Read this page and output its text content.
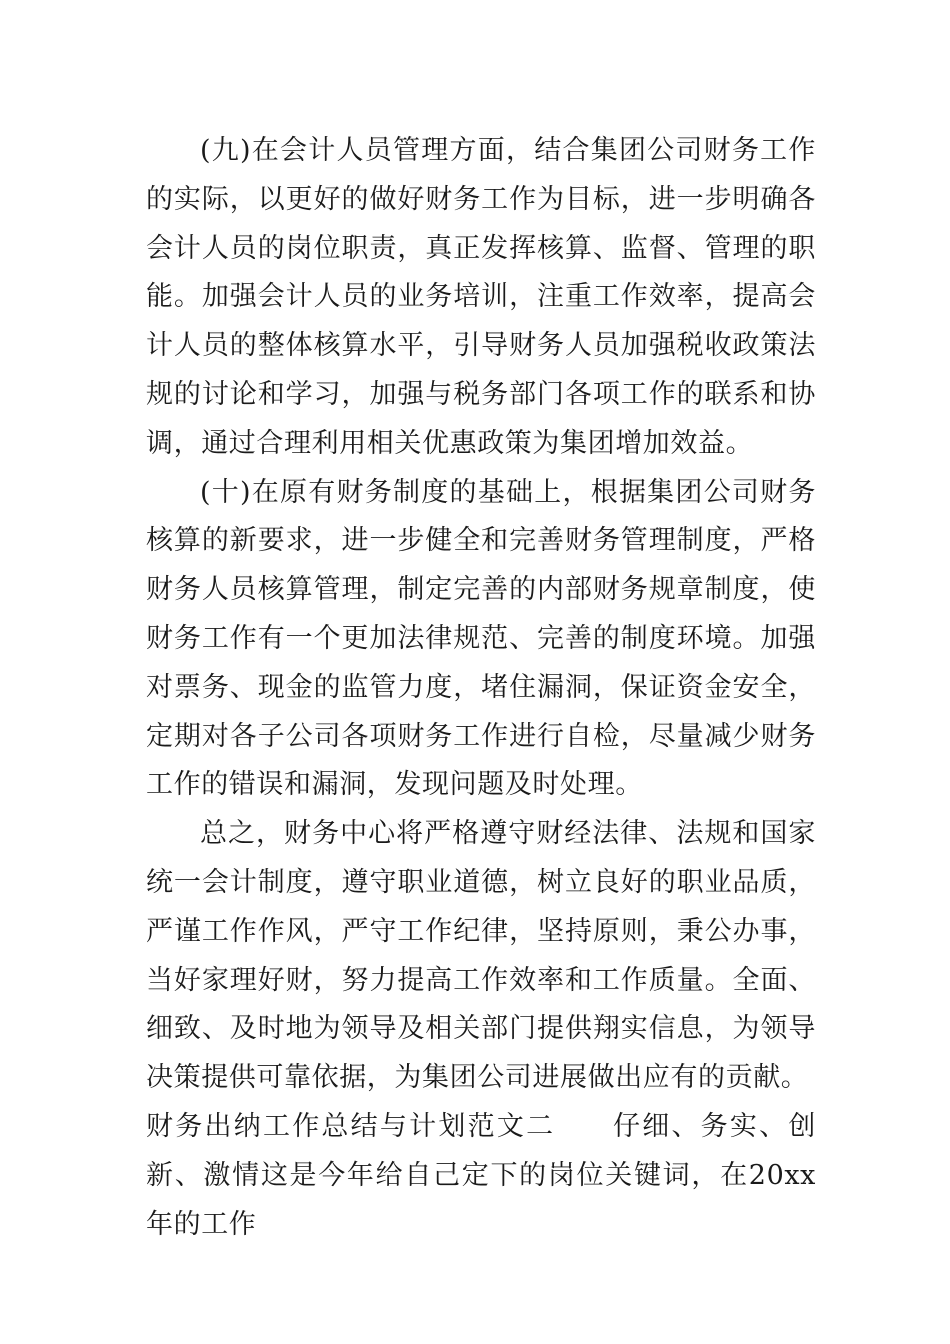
(九)在会计人员管理方面，结合集团公司财务工作的实际，以更好的做好财务工作为目标，进一步明确各会计人员的岗位职责，真正发挥核算、监督、管理的职能。加强会计人员的业务培训，注重工作效率，提高会计人员的整体核算水平，引导财务人员加强税收政策法规的讨论和学习，加强与税务部门各项工作的联系和协调，通过合理利用相关优惠政策为集团增加效益。

(十)在原有财务制度的基础上，根据集团公司财务核算的新要求，进一步健全和完善财务管理制度，严格财务人员核算管理，制定完善的内部财务规章制度，使财务工作有一个更加法律规范、完善的制度环境。加强对票务、现金的监管力度，堵住漏洞，保证资金安全，定期对各子公司各项财务工作进行自检，尽量减少财务工作的错误和漏洞，发现问题及时处理。

总之，财务中心将严格遵守财经法律、法规和国家统一会计制度，遵守职业道德，树立良好的职业品质，严谨工作作风，严守工作纪律，坚持原则，秉公办事，当好家理好财，努力提高工作效率和工作质量。全面、细致、及时地为领导及相关部门提供翔实信息，为领导决策提供可靠依据，为集团公司进展做出应有的贡献。

财务出纳工作总结与计划范文二 仔细、务实、创新、激情这是今年给自己定下的岗位关键词，在20xx年的工作
